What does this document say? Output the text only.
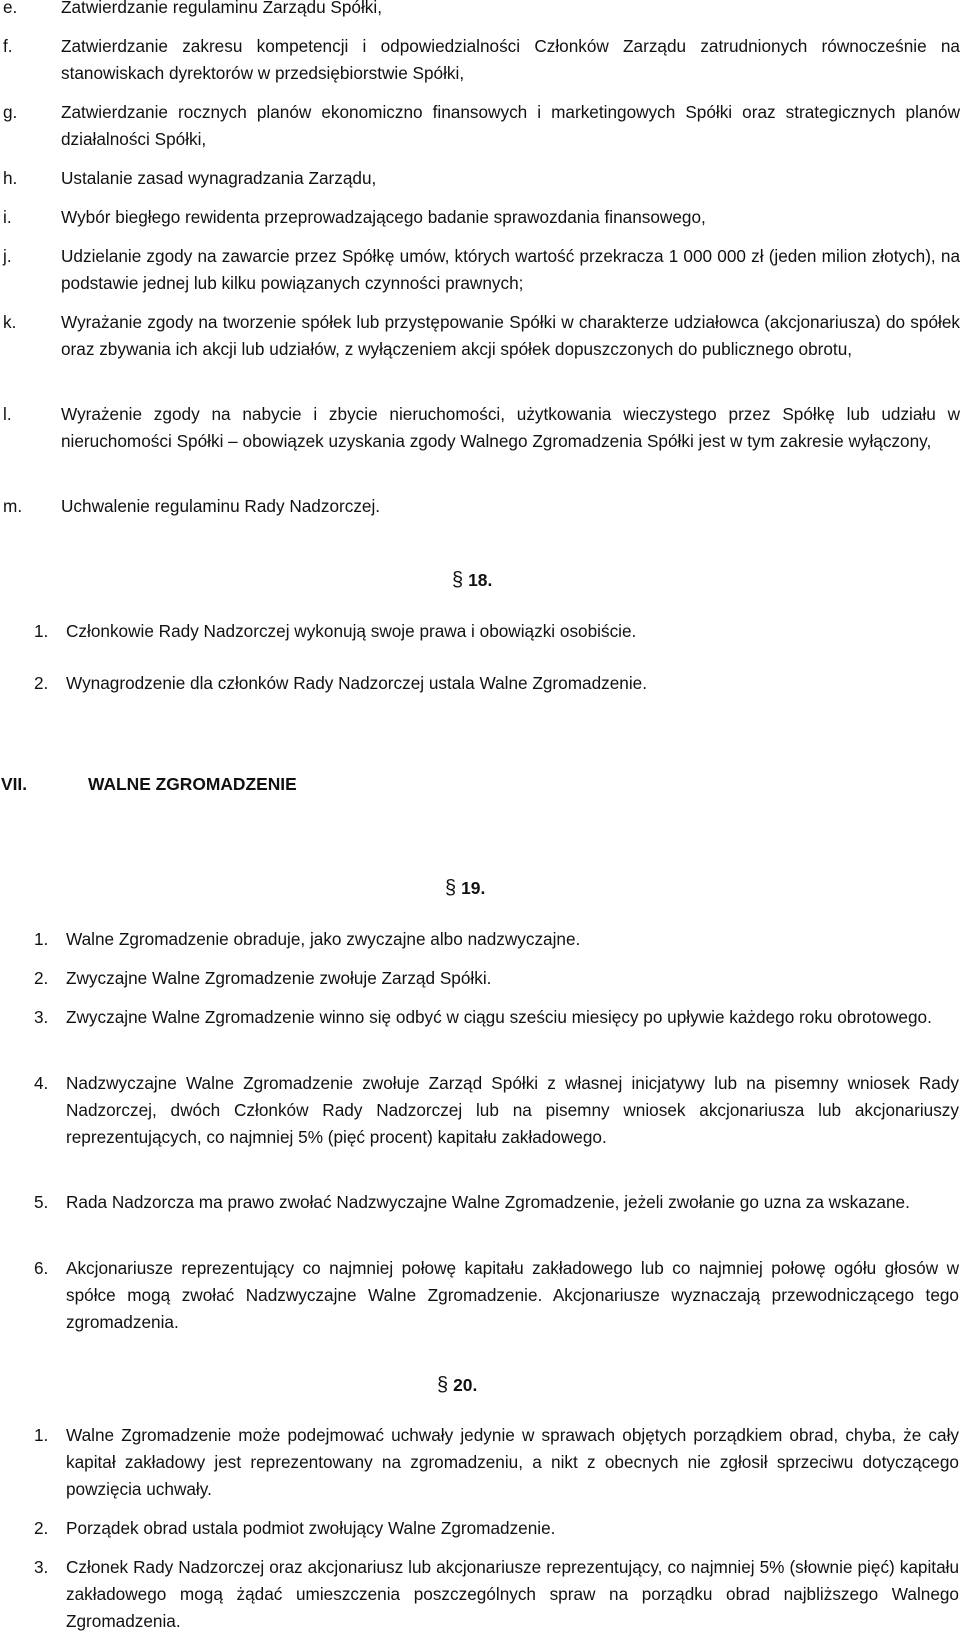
e.	Zatwierdzanie regulaminu Zarządu Spółki,
f.	Zatwierdzanie zakresu kompetencji i odpowiedzialności Członków Zarządu zatrudnionych równocześnie na stanowiskach dyrektorów w przedsiębiorstwie Spółki,
g.	Zatwierdzanie rocznych planów ekonomiczno finansowych i marketingowych Spółki oraz strategicznych planów działalności Spółki,
h.	Ustalanie zasad wynagradzania Zarządu,
i.	Wybór biegłego rewidenta przeprowadzającego badanie sprawozdania finansowego,
j.	Udzielanie zgody na zawarcie przez Spółkę umów, których wartość przekracza 1 000 000 zł (jeden milion złotych), na podstawie jednej lub kilku powiązanych czynności prawnych;
k.	Wyrażanie zgody na tworzenie spółek lub przystępowanie Spółki w charakterze udziałowca (akcjonariusza) do spółek oraz zbywania ich akcji lub udziałów, z wyłączeniem akcji spółek dopuszczonych do publicznego obrotu,
l.	Wyrażenie zgody na nabycie i zbycie nieruchomości, użytkowania wieczystego przez Spółkę lub udziału w nieruchomości Spółki – obowiązek uzyskania zgody Walnego Zgromadzenia Spółki jest w tym zakresie wyłączony,
m.	Uchwalenie regulaminu Rady Nadzorczej.
§ 18.
1.	Członkowie Rady Nadzorczej wykonują swoje prawa i obowiązki osobiście.
2.	Wynagrodzenie dla członków Rady Nadzorczej ustala Walne Zgromadzenie.
VII.	WALNE ZGROMADZENIE
§ 19.
1.	Walne Zgromadzenie obraduje, jako zwyczajne albo nadzwyczajne.
2.	Zwyczajne Walne Zgromadzenie zwołuje Zarząd Spółki.
3.	Zwyczajne Walne Zgromadzenie winno się odbyć w ciągu sześciu miesięcy po upływie każdego roku obrotowego.
4.	Nadzwyczajne Walne Zgromadzenie zwołuje Zarząd Spółki z własnej inicjatywy lub na pisemny wniosek Rady Nadzorczej, dwóch Członków Rady Nadzorczej lub na pisemny wniosek akcjonariusza lub akcjonariuszy reprezentujących, co najmniej 5% (pięć procent) kapitału zakładowego.
5.	Rada Nadzorcza ma prawo zwołać Nadzwyczajne Walne Zgromadzenie, jeżeli zwołanie go uzna za wskazane.
6.	Akcjonariusze reprezentujący co najmniej połowę kapitału zakładowego lub co najmniej połowę ogółu głosów w spółce mogą zwołać Nadzwyczajne Walne Zgromadzenie. Akcjonariusze wyznaczają przewodniczącego tego zgromadzenia.
§ 20.
1.	Walne Zgromadzenie może podejmować uchwały jedynie w sprawach objętych porządkiem obrad, chyba, że cały kapitał zakładowy jest reprezentowany na zgromadzeniu, a nikt z obecnych nie zgłosił sprzeciwu dotyczącego powzięcia uchwały.
2.	Porządek obrad ustala podmiot zwołujący Walne Zgromadzenie.
3.	Członek Rady Nadzorczej oraz akcjonariusz lub akcjonariusze reprezentujący, co najmniej 5% (słownie pięć) kapitału zakładowego mogą żądać umieszczenia poszczególnych spraw na porządku obrad najbliższego Walnego Zgromadzenia.
